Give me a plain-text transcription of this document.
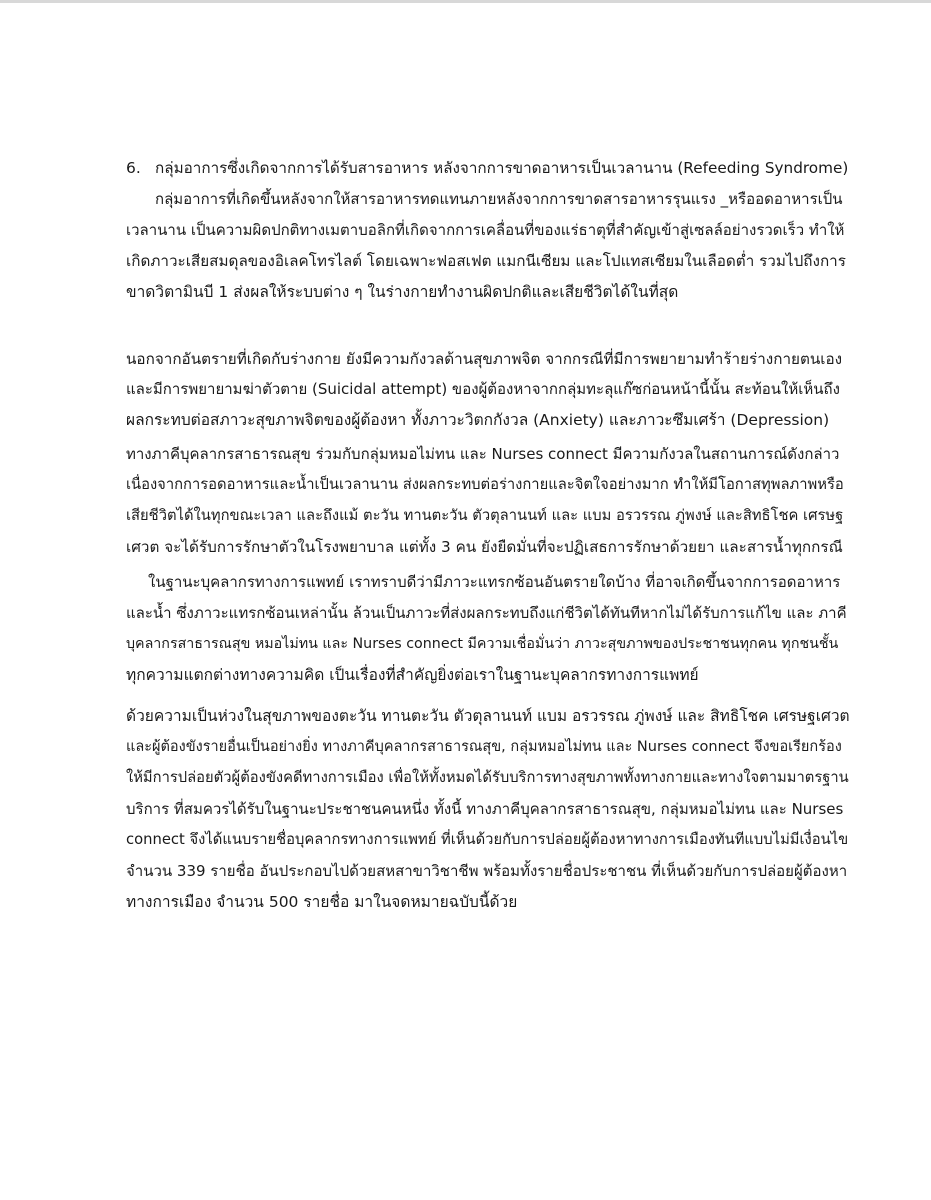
6. กลุ่มอาการซึ่งเกิดจากการได้รับสารอาหาร หลังจากการขาดอาหารเป็นเวลานาน (Refeeding Syndrome)
กลุ่มอาการที่เกิดขึ้นหลังจากให้สารอาหารทดแทนภายหลังจากการขาดสารอาหารรุนแรง _หรืออดอาหารเป็น
เวลานาน เป็นความผิดปกติทางเมตาบอลิกที่เกิดจากการเคลื่อนที่ของแร่ธาตุที่สำคัญเข้าสู่เซลล์อย่างรวดเร็ว ทำให้
เกิดภาวะเสียสมดุลของอิเลคโทรไลต์ โดยเฉพาะฟอสเฟต แมกนีเซียม และโปแทสเซียมในเลือดต่ำ รวมไปถึงการ
ขาดวิตามินบี 1 ส่งผลให้ระบบต่าง ๆ ในร่างกายทำงานผิดปกติและเสียชีวิตได้ในที่สุด
นอกจากอันตรายที่เกิดกับร่างกาย ยังมีความกังวลด้านสุขภาพจิต จากกรณีที่มีการพยายามทำร้ายร่างกายตนเอง
และมีการพยายามฆ่าตัวตาย (Suicidal attempt) ของผู้ต้องหาจากกลุ่มทะลุแก๊ซก่อนหน้านี้นั้น สะท้อนให้เห็นถึง
ผลกระทบต่อสภาวะสุขภาพจิตของผู้ต้องหา ทั้งภาวะวิตกกังวล (Anxiety) และภาวะซึมเศร้า (Depression)
ทางภาคีบุคลากรสาธารณสุข ร่วมกับกลุ่มหมอไม่ทน และ Nurses connect มีความกังวลในสถานการณ์ดังกล่าว
เนื่องจากการอดอาหารและน้ำเป็นเวลานาน ส่งผลกระทบต่อร่างกายและจิตใจอย่างมาก ทำให้มีโอกาสทุพลภาพหรือ
เสียชีวิตได้ในทุกขณะเวลา และถึงแม้ ตะวัน ทานตะวัน ตัวตุลานนท์ และ แบม อรวรรณ ภู่พงษ์ และสิทธิโชค เศรษฐ
เศวต จะได้รับการรักษาตัวในโรงพยาบาล แต่ทั้ง 3 คน ยังยืดมั่นที่จะปฏิเสธการรักษาด้วยยา และสารน้ำทุกกรณี
ในฐานะบุคลากรทางการแพทย์ เราทราบดีว่ามีภาวะแทรกซ้อนอันตรายใดบ้าง ที่อาจเกิดขึ้นจากการอดอาหาร
และน้ำ ซึ่งภาวะแทรกซ้อนเหล่านั้น ล้วนเป็นภาวะที่ส่งผลกระทบถึงแก่ชีวิตได้ทันทีหากไม่ได้รับการแก้ไข และ ภาคี
บุคลากรสาธารณสุข หมอไม่ทน และ Nurses connect มีความเชื่อมั่นว่า ภาวะสุขภาพของประชาชนทุกคน ทุกชนชั้น
ทุกความแตกต่างทางความคิด เป็นเรื่องที่สำคัญยิ่งต่อเราในฐานะบุคลากรทางการแพทย์
ด้วยความเป็นห่วงในสุขภาพของตะวัน ทานตะวัน ตัวตุลานนท์ แบม อรวรรณ ภู่พงษ์ และ สิทธิโชค เศรษฐเศวต
และผู้ต้องขังรายอื่นเป็นอย่างยิ่ง ทางภาคีบุคลากรสาธารณสุข, กลุ่มหมอไม่ทน และ Nurses connect จึงขอเรียกร้อง
ให้มีการปล่อยตัวผู้ต้องขังคดีทางการเมือง เพื่อให้ทั้งหมดได้รับบริการทางสุขภาพทั้งทางกายและทางใจตามมาตรฐาน
บริการ ที่สมควรได้รับในฐานะประชาชนคนหนึ่ง ทั้งนี้ ทางภาคีบุคลากรสาธารณสุข, กลุ่มหมอไม่ทน และ Nurses
connect จึงได้แนบรายชื่อบุคลากรทางการแพทย์ ที่เห็นด้วยกับการปล่อยผู้ต้องหาทางการเมืองทันทีแบบไม่มีเงื่อนไข
จำนวน 339 รายชื่อ อันประกอบไปด้วยสหสาขาวิชาชีพ พร้อมทั้งรายชื่อประชาชน ที่เห็นด้วยกับการปล่อยผู้ต้องหา
ทางการเมือง จำนวน 500 รายชื่อ มาในจดหมายฉบับนี้ด้วย
